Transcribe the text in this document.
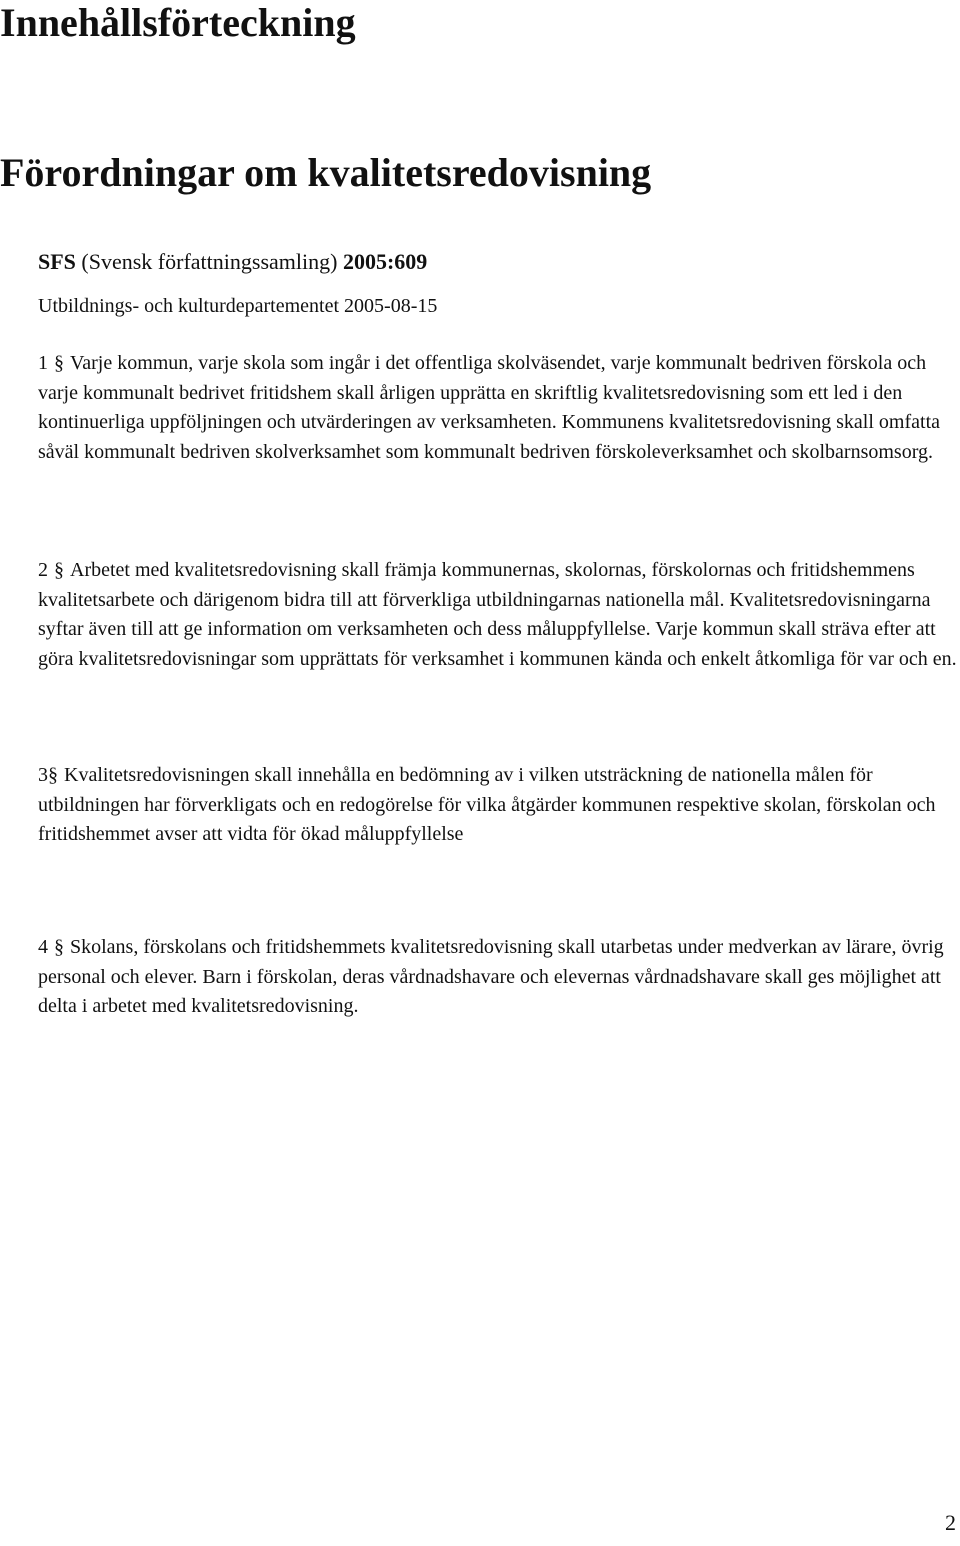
Innehållsförteckning
Förordningar om kvalitetsredovisning

SFS (Svensk författningssamling) 2005:609

Utbildnings- och kulturdepartementet 2005-08-15

1 § Varje kommun, varje skola som ingår i det offentliga skolväsendet, varje kommunalt bedriven förskola och varje kommunalt bedrivet fritidshem skall årligen upprätta en skriftlig kvalitetsredovisning som ett led i den kontinuerliga uppföljningen och utvärderingen av verksamheten. Kommunens kvalitetsredovisning skall omfatta såväl kommunalt bedriven skolverksamhet som kommunalt bedriven förskoleverksamhet och skolbarnsomsorg.

2 § Arbetet med kvalitetsredovisning skall främja kommunernas, skolornas, förskolornas och fritidshemmens kvalitetsarbete och därigenom bidra till att förverkliga utbildningarnas nationella mål. Kvalitetsredovisningarna syftar även till att ge information om verksamheten och dess måluppfyllelse. Varje kommun skall sträva efter att göra kvalitetsredovisningar som upprättats för verksamhet i kommunen kända och enkelt åtkomliga för var och en.

3§ Kvalitetsredovisningen skall innehålla en bedömning av i vilken utsträckning de nationella målen för utbildningen har förverkligats och en redogörelse för vilka åtgärder kommunen respektive skolan, förskolan och fritidshemmet avser att vidta för ökad måluppfyllelse

4 § Skolans, förskolans och fritidshemmets kvalitetsredovisning skall utarbetas under medverkan av lärare, övrig personal och elever. Barn i förskolan, deras vårdnadshavare och elevernas vårdnadshavare skall ges möjlighet att delta i arbetet med kvalitetsredovisning.

2
